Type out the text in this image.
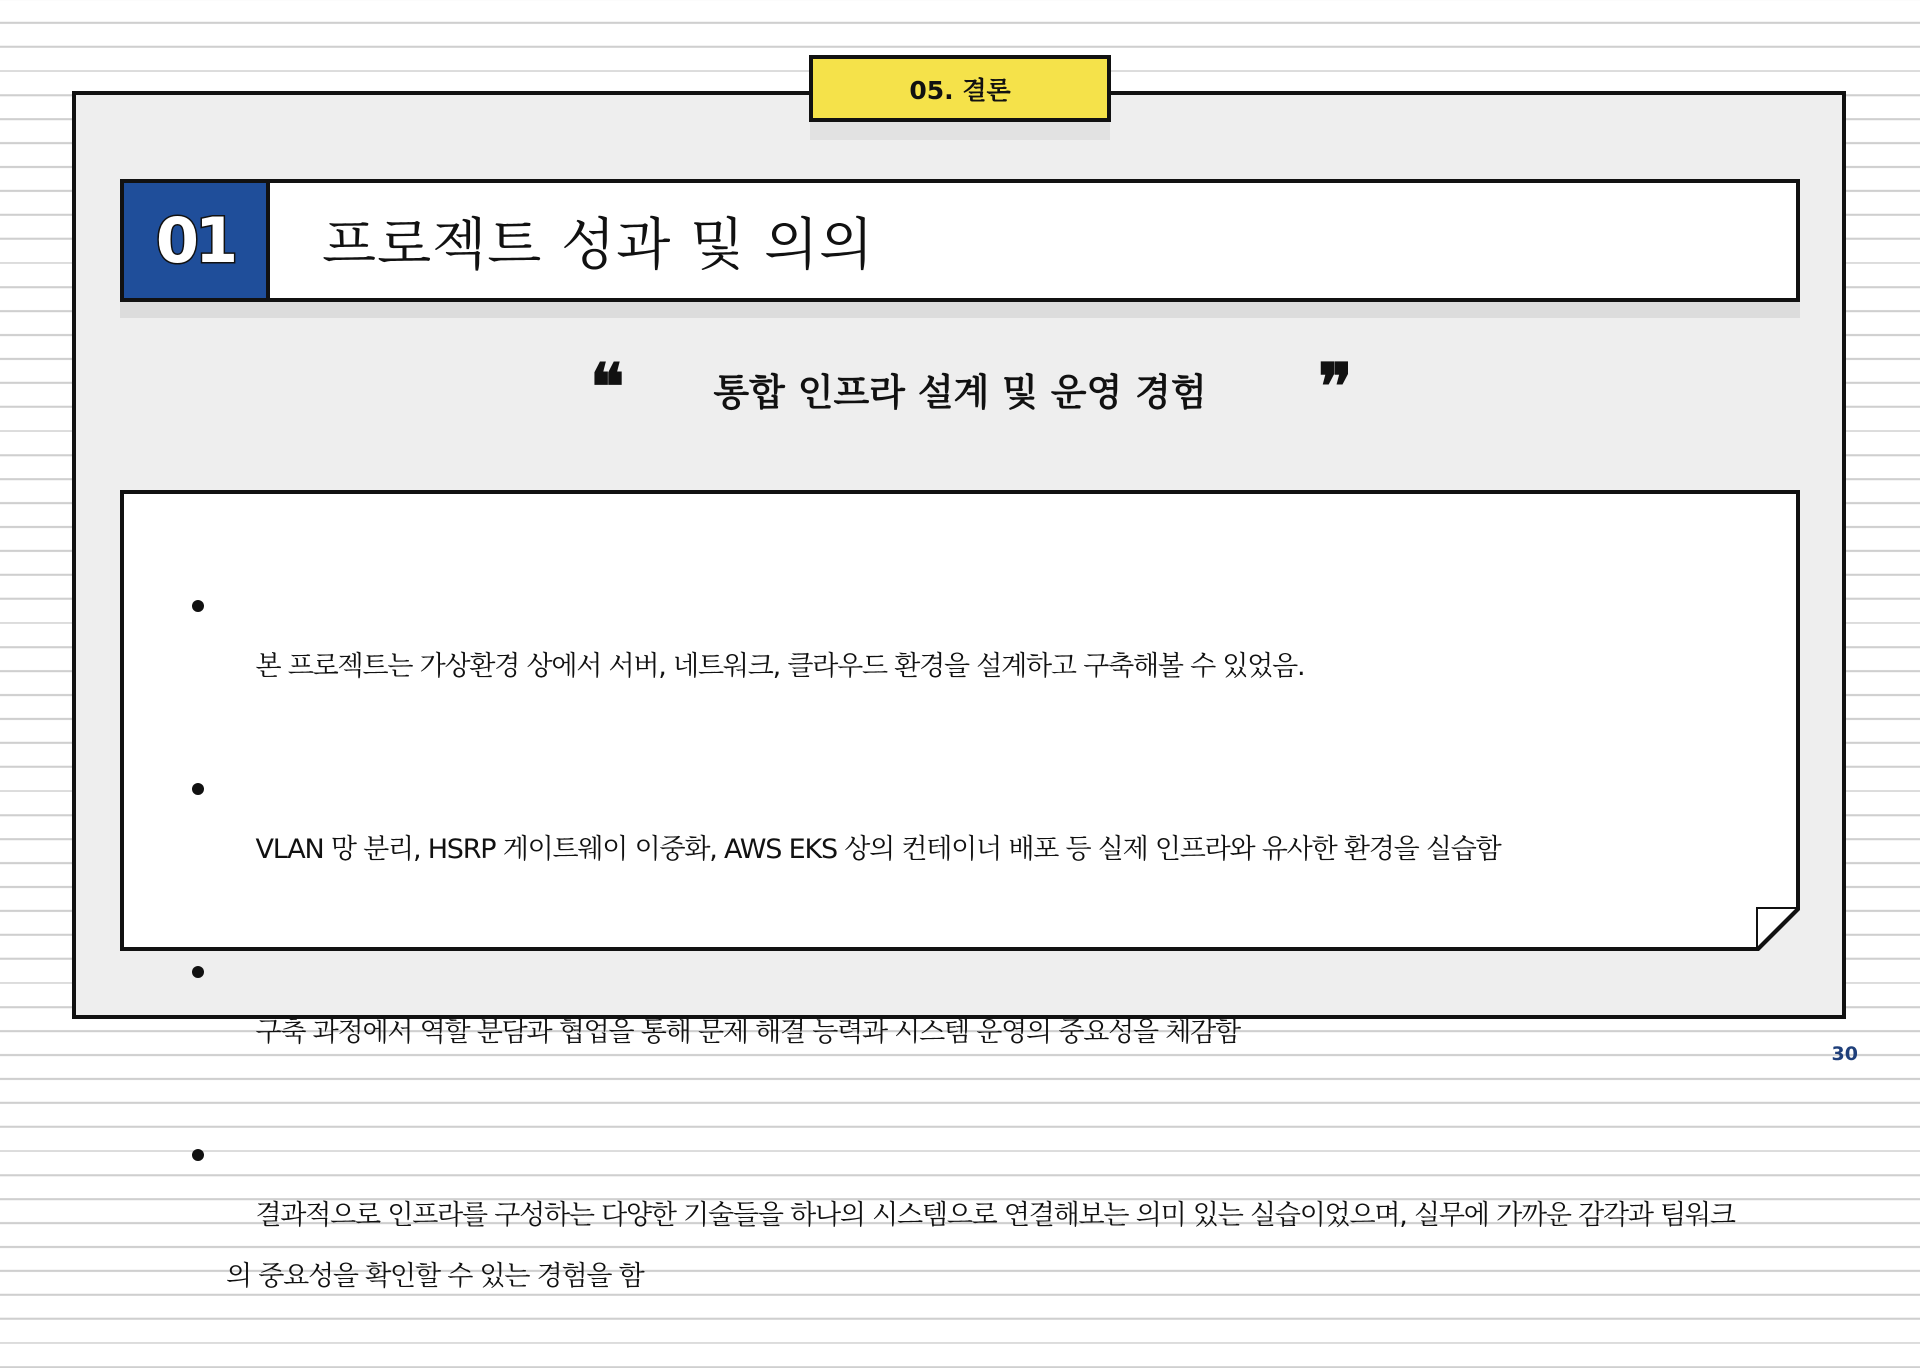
05. 결론
01	프로젝트 성과 및 의의
❝	통합 인프라 설계 및 운영 경험	❞

본 프로젝트는 가상환경 상에서 서버, 네트워크, 클라우드 환경을 설계하고 구축해볼 수 있었음.

VLAN 망 분리, HSRP 게이트웨이 이중화, AWS EKS 상의 컨테이너 배포 등 실제 인프라와 유사한 환경을 실습함

구축 과정에서 역할 분담과 협업을 통해 문제 해결 능력과 시스템 운영의 중요성을 체감함

결과적으로 인프라를 구성하는 다양한 기술들을 하나의 시스템으로 연결해보는 의미 있는 실습이었으며, 실무에 가까운 감각과 팀워크의 중요성을 확인할 수 있는 경험을 함

30
